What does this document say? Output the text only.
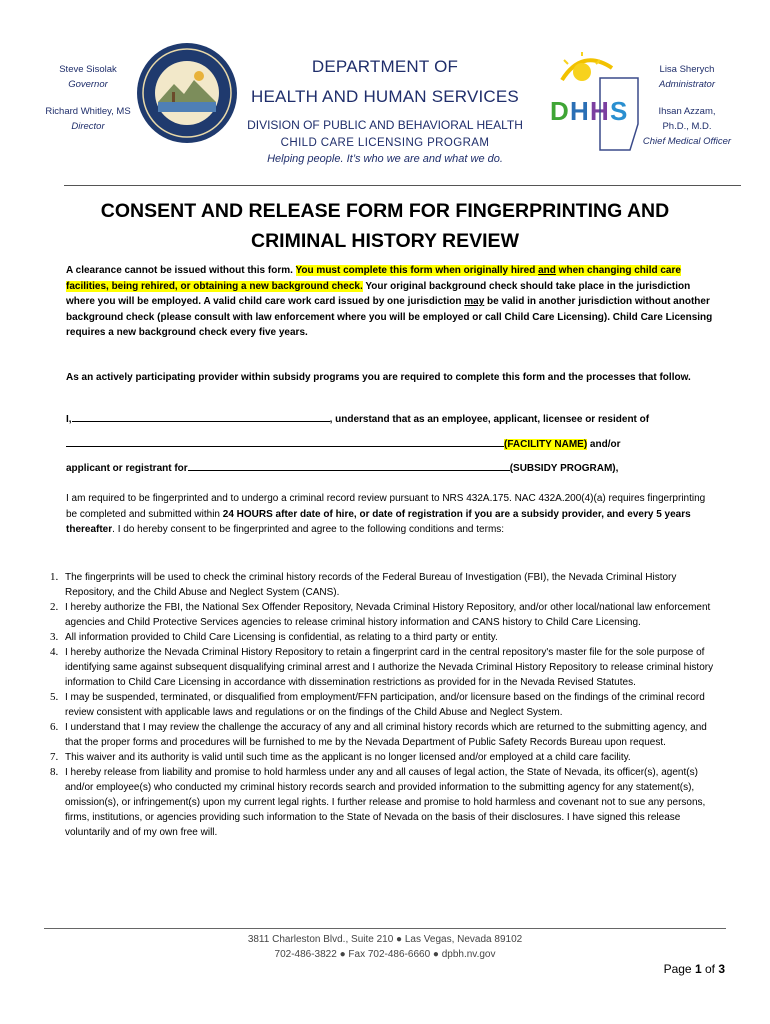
Steve Sisolak
Governor
Richard Whitley, MS
Director
DEPARTMENT OF
HEALTH AND HUMAN SERVICES
DIVISION OF PUBLIC AND BEHAVIORAL HEALTH
CHILD CARE LICENSING PROGRAM
Helping people. It’s who we are and what we do.
D H H S
Lisa Sherych
Administrator
Ihsan Azzam,
Ph.D., M.D.
Chief Medical Officer
CONSENT AND RELEASE FORM FOR FINGERPRINTING AND
CRIMINAL HISTORY REVIEW
A clearance cannot be issued without this form. You must complete this form when originally hired and when changing child care facilities, being rehired, or obtaining a new background check. Your original background check should take place in the jurisdiction where you will be employed. A valid child care work card issued by one jurisdiction may be valid in another jurisdiction without another background check (please consult with law enforcement where you will be employed or call Child Care Licensing). Child Care Licensing requires a new background check every five years.
As an actively participating provider within subsidy programs you are required to complete this form and the processes that follow.
I,	, understand that as an employee, applicant, licensee or resident of
(FACILITY NAME) and/or
applicant or registrant for	(SUBSIDY PROGRAM),
I am required to be fingerprinted and to undergo a criminal record review pursuant to NRS 432A.175. NAC 432A.200(4)(a) requires fingerprinting be completed and submitted within 24 HOURS after date of hire, or date of registration if you are a subsidy provider, and every 5 years thereafter. I do hereby consent to be fingerprinted and agree to the following conditions and terms:
1. The fingerprints will be used to check the criminal history records of the Federal Bureau of Investigation (FBI), the Nevada Criminal History Repository, and the Child Abuse and Neglect System (CANS).
2. I hereby authorize the FBI, the National Sex Offender Repository, Nevada Criminal History Repository, and/or other local/national law enforcement agencies and Child Protective Services agencies to release criminal history information and CANS history to Child Care Licensing.
3. All information provided to Child Care Licensing is confidential, as relating to a third party or entity.
4. I hereby authorize the Nevada Criminal History Repository to retain a fingerprint card in the central repository's master file for the sole purpose of identifying same against subsequent disqualifying criminal arrest and I authorize the Nevada Criminal History Repository to release criminal history information to Child Care Licensing in accordance with dissemination restrictions as provided for in the Nevada Revised Statutes.
5. I may be suspended, terminated, or disqualified from employment/FFN participation, and/or licensure based on the findings of the criminal record review consistent with applicable laws and regulations or on the findings of the Child Abuse and Neglect System.
6. I understand that I may review the challenge the accuracy of any and all criminal history records which are returned to the submitting agency, and that the proper forms and procedures will be furnished to me by the Nevada Department of Public Safety Records Bureau upon request.
7. This waiver and its authority is valid until such time as the applicant is no longer licensed and/or employed at a child care facility.
8. I hereby release from liability and promise to hold harmless under any and all causes of legal action, the State of Nevada, its officer(s), agent(s) and/or employee(s) who conducted my criminal history records search and provided information to the submitting agency for any statement(s), omission(s), or infringement(s) upon my current legal rights. I further release and promise to hold harmless and covenant not to sue any persons, firms, institutions, or agencies providing such information to the State of Nevada on the basis of their disclosures. I have signed this release voluntarily and of my own free will.
3811 Charleston Blvd., Suite 210 ● Las Vegas, Nevada 89102
702-486-3822 ● Fax 702-486-6660 ● dpbh.nv.gov
Page 1 of 3
